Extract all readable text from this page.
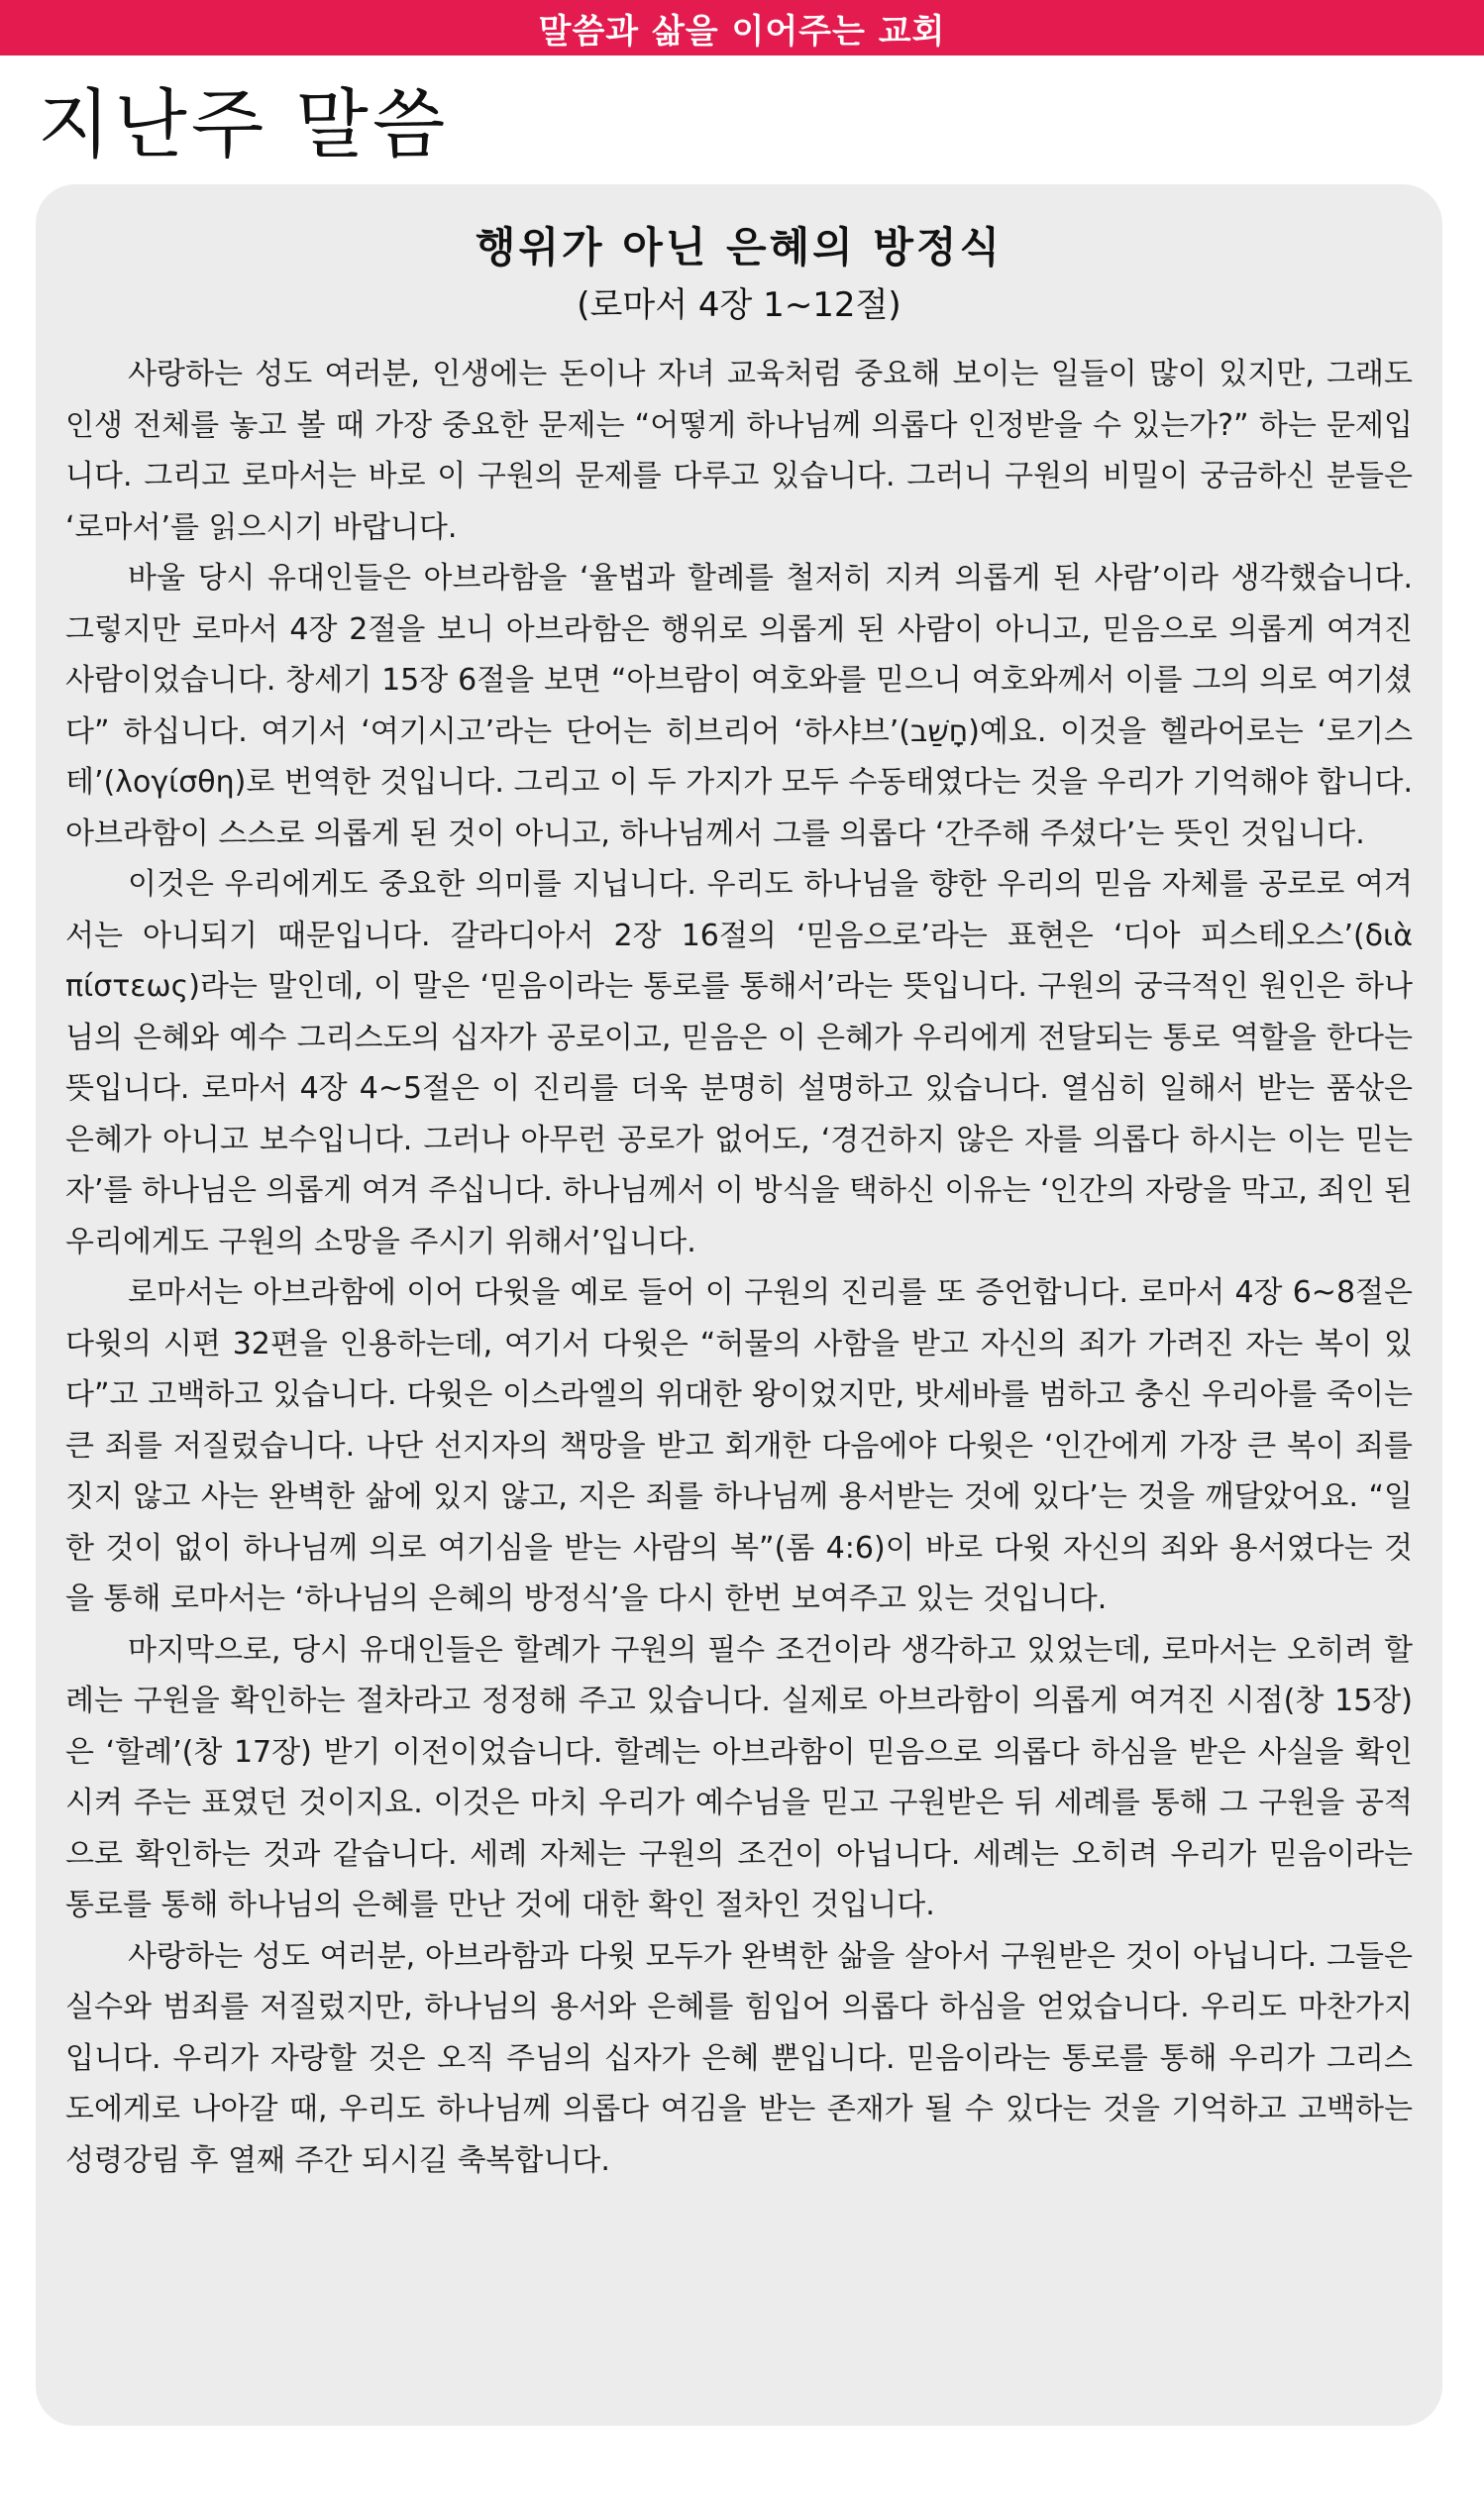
말씀과 삶을 이어주는 교회
지난주 말씀
행위가 아닌 은혜의 방정식
(로마서 4장 1~12절)

사랑하는 성도 여러분, 인생에는 돈이나 자녀 교육처럼 중요해 보이는 일들이 많이 있지만, 그래도 인생 전체를 놓고 볼 때 가장 중요한 문제는 “어떻게 하나님께 의롭다 인정받을 수 있는가?” 하는 문제입니다. 그리고 로마서는 바로 이 구원의 문제를 다루고 있습니다. 그러니 구원의 비밀이 궁금하신 분들은 ‘로마서’를 읽으시기 바랍니다.

바울 당시 유대인들은 아브라함을 ‘율법과 할례를 철저히 지켜 의롭게 된 사람’이라 생각했습니다. 그렇지만 로마서 4장 2절을 보니 아브라함은 행위로 의롭게 된 사람이 아니고, 믿음으로 의롭게 여겨진 사람이었습니다. 창세기 15장 6절을 보면 “아브람이 여호와를 믿으니 여호와께서 이를 그의 의로 여기셨다” 하십니다. 여기서 ‘여기시고’라는 단어는 히브리어 ‘하샤브’(חָשַׁב)예요. 이것을 헬라어로는 ‘로기스테’(λογίσθη)로 번역한 것입니다. 그리고 이 두 가지가 모두 수동태였다는 것을 우리가 기억해야 합니다. 아브라함이 스스로 의롭게 된 것이 아니고, 하나님께서 그를 의롭다 ‘간주해 주셨다’는 뜻인 것입니다.

이것은 우리에게도 중요한 의미를 지닙니다. 우리도 하나님을 향한 우리의 믿음 자체를 공로로 여겨서는 아니되기 때문입니다. 갈라디아서 2장 16절의 ‘믿음으로’라는 표현은 ‘디아 피스테오스’(διὰ πίστεως)라는 말인데, 이 말은 ‘믿음이라는 통로를 통해서’라는 뜻입니다. 구원의 궁극적인 원인은 하나님의 은혜와 예수 그리스도의 십자가 공로이고, 믿음은 이 은혜가 우리에게 전달되는 통로 역할을 한다는 뜻입니다. 로마서 4장 4~5절은 이 진리를 더욱 분명히 설명하고 있습니다. 열심히 일해서 받는 품삯은 은혜가 아니고 보수입니다. 그러나 아무런 공로가 없어도, ‘경건하지 않은 자를 의롭다 하시는 이는 믿는 자’를 하나님은 의롭게 여겨 주십니다. 하나님께서 이 방식을 택하신 이유는 ‘인간의 자랑을 막고, 죄인 된 우리에게도 구원의 소망을 주시기 위해서’입니다.

로마서는 아브라함에 이어 다윗을 예로 들어 이 구원의 진리를 또 증언합니다. 로마서 4장 6~8절은 다윗의 시편 32편을 인용하는데, 여기서 다윗은 “허물의 사함을 받고 자신의 죄가 가려진 자는 복이 있다”고 고백하고 있습니다. 다윗은 이스라엘의 위대한 왕이었지만, 밧세바를 범하고 충신 우리아를 죽이는 큰 죄를 저질렀습니다. 나단 선지자의 책망을 받고 회개한 다음에야 다윗은 ‘인간에게 가장 큰 복이 죄를 짓지 않고 사는 완벽한 삶에 있지 않고, 지은 죄를 하나님께 용서받는 것에 있다’는 것을 깨달았어요. “일한 것이 없이 하나님께 의로 여기심을 받는 사람의 복”(롬 4:6)이 바로 다윗 자신의 죄와 용서였다는 것을 통해 로마서는 ‘하나님의 은혜의 방정식’을 다시 한번 보여주고 있는 것입니다.

마지막으로, 당시 유대인들은 할례가 구원의 필수 조건이라 생각하고 있었는데, 로마서는 오히려 할례는 구원을 확인하는 절차라고 정정해 주고 있습니다. 실제로 아브라함이 의롭게 여겨진 시점(창 15장)은 ‘할례’(창 17장) 받기 이전이었습니다. 할례는 아브라함이 믿음으로 의롭다 하심을 받은 사실을 확인시켜 주는 표였던 것이지요. 이것은 마치 우리가 예수님을 믿고 구원받은 뒤 세례를 통해 그 구원을 공적으로 확인하는 것과 같습니다. 세례 자체는 구원의 조건이 아닙니다. 세례는 오히려 우리가 믿음이라는 통로를 통해 하나님의 은혜를 만난 것에 대한 확인 절차인 것입니다.

사랑하는 성도 여러분, 아브라함과 다윗 모두가 완벽한 삶을 살아서 구원받은 것이 아닙니다. 그들은 실수와 범죄를 저질렀지만, 하나님의 용서와 은혜를 힘입어 의롭다 하심을 얻었습니다. 우리도 마찬가지입니다. 우리가 자랑할 것은 오직 주님의 십자가 은혜 뿐입니다. 믿음이라는 통로를 통해 우리가 그리스도에게로 나아갈 때, 우리도 하나님께 의롭다 여김을 받는 존재가 될 수 있다는 것을 기억하고 고백하는 성령강림 후 열째 주간 되시길 축복합니다.
